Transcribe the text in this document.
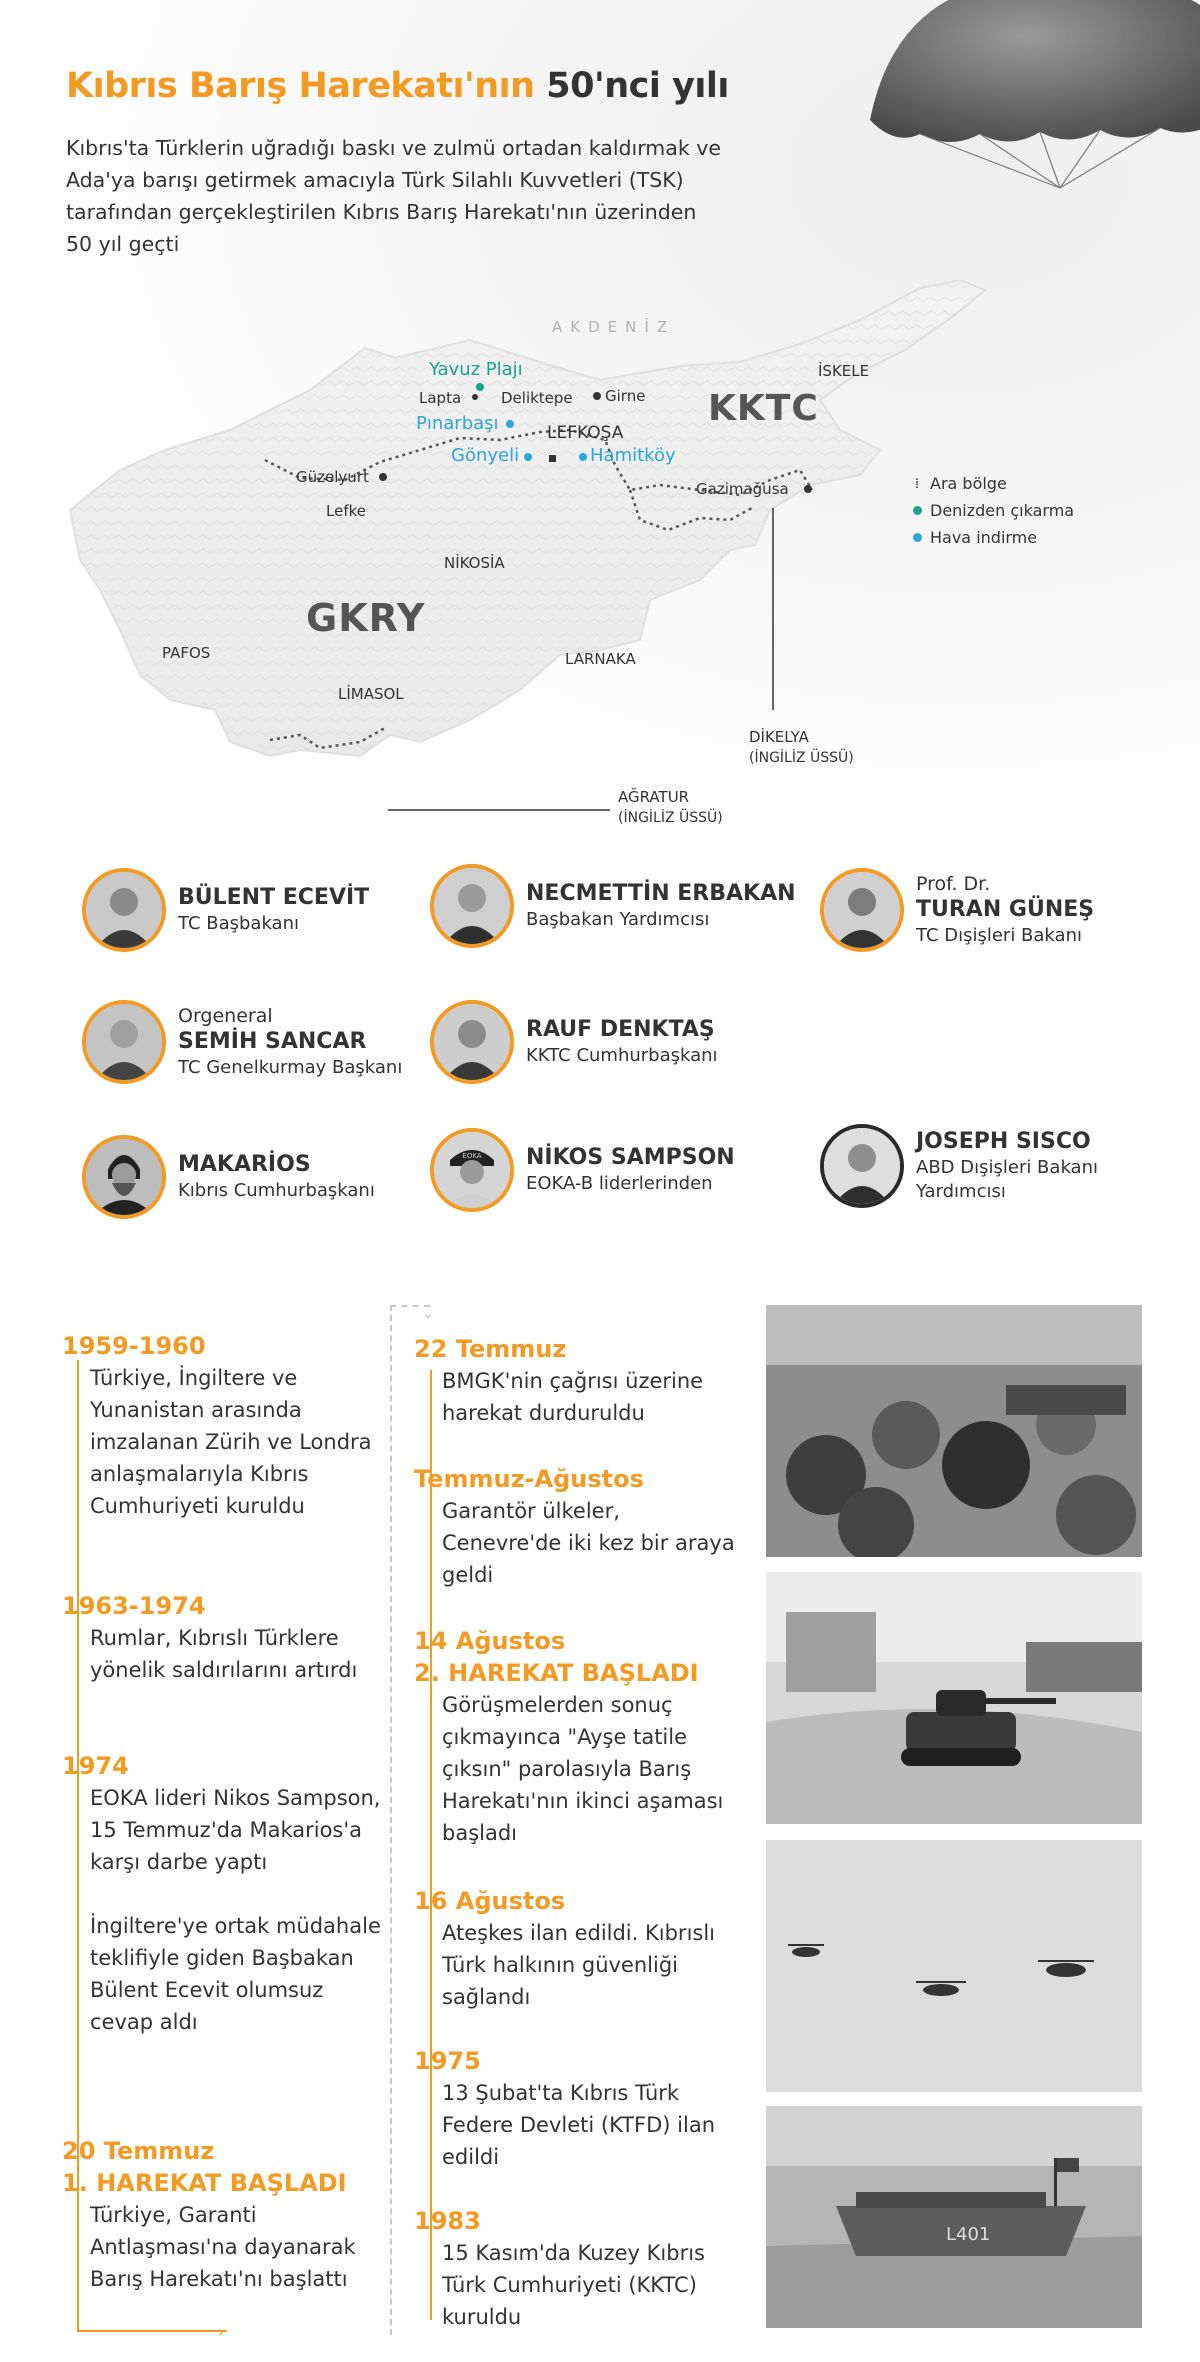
Kıbrıs Barış Harekatı'nın 50'nci yılı

Kıbrıs'ta Türklerin uğradığı baskı ve zulmü ortadan kaldırmak ve Ada'ya barışı getirmek amacıyla Türk Silahlı Kuvvetleri (TSK) tarafından gerçekleştirilen Kıbrıs Barış Harekatı'nın üzerinden 50 yıl geçti

AKDENİZ
KKTC
GKRY
İSKELE
Yavuz Plajı
Lapta	Deliktepe Girne
Pınarbaşı	LEFKOŞA
Gönyeli	Hamitköy
Güzelyurt
Gazimağusa
Lefke
NİKOSİA
PAFOS	LARNAKA
LİMASOL
DİKELYA
(İNGİLİZ ÜSSÜ)
AĞRATUR
(İNGİLİZ ÜSSÜ)
⁞ Ara bölge
Denizden çıkarma
Hava indirme
BÜLENT ECEVİT
TC Başbakanı
NECMETTİN ERBAKAN
Başbakan Yardımcısı
Prof. Dr.
TURAN GÜNEŞ
TC Dışişleri Bakanı
Orgeneral
SEMİH SANCAR
TC Genelkurmay Başkanı
RAUF DENKTAŞ
KKTC Cumhurbaşkanı
MAKARİOS
Kıbrıs Cumhurbaşkanı
EOKA NİKOS SAMPSON
EOKA-B liderlerinden
JOSEPH SISCO
ABD Dışişleri Bakanı Yardımcısı
›
1959-1960
Türkiye, İngiltere ve Yunanistan arasında imzalanan Zürih ve Londra anlaşmalarıyla Kıbrıs Cumhuriyeti kuruldu
1963-1974
Rumlar, Kıbrıslı Türklere yönelik saldırılarını artırdı
1974
EOKA lideri Nikos Sampson, 15 Temmuz'da Makarios'a karşı darbe yaptı
İngiltere'ye ortak müdahale teklifiyle giden Başbakan Bülent Ecevit olumsuz cevap aldı
20 Temmuz
1. HAREKAT BAŞLADI
Türkiye, Garanti Antlaşması'na dayanarak Barış Harekatı'nı başlattı
⌄
22 Temmuz
BMGK'nin çağrısı üzerine harekat durduruldu
Temmuz-Ağustos
Garantör ülkeler, Cenevre'de iki kez bir araya geldi
14 Ağustos
2. HAREKAT BAŞLADI
Görüşmelerden sonuç çıkmayınca "Ayşe tatile çıksın" parolasıyla Barış Harekatı'nın ikinci aşaması başladı
16 Ağustos
Ateşkes ilan edildi. Kıbrıslı Türk halkının güvenliği sağlandı
1975
13 Şubat'ta Kıbrıs Türk Federe Devleti (KTFD) ilan edildi
1983
15 Kasım'da Kuzey Kıbrıs Türk Cumhuriyeti (KKTC) kuruldu
L401
